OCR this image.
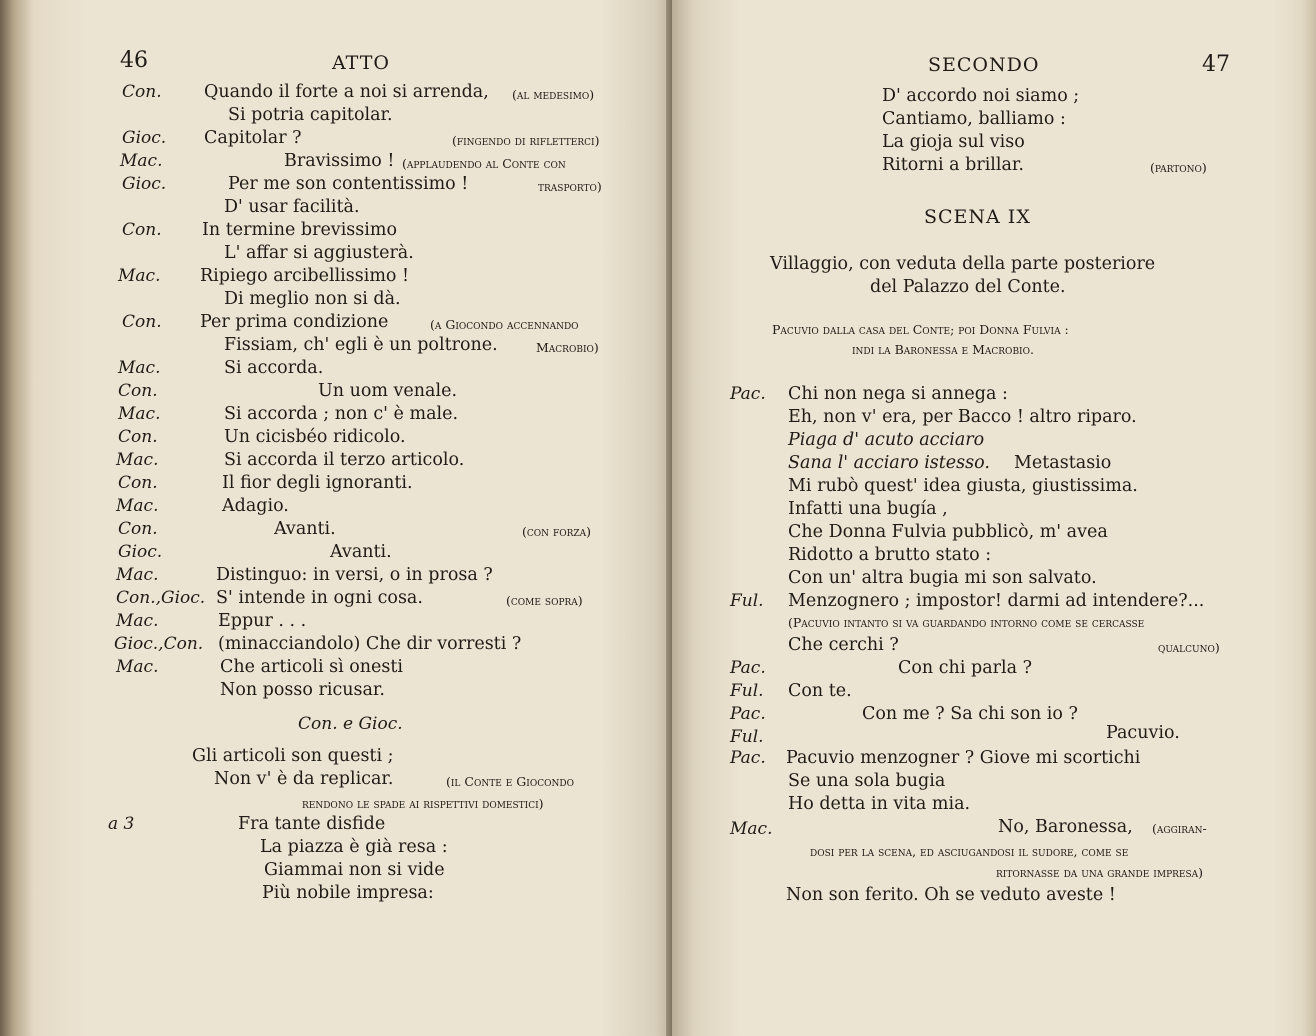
46	ATTO
Con. Quando il forte a noi si arrenda, (al medesimo)
Si potria capitolar.
Gioc. Capitolar ?	(fingendo di rifletterci)
Mac.	Bravissimo ! (applaudendo al Conte con
Gioc.	Per me son contentissimo !	trasporto)
D' usar facilità.
Con. In termine brevissimo
L' affar si aggiusterà.
Mac. Ripiego arcibellissimo !
Di meglio non si dà.
Con. Per prima condizione	(a Giocondo accennando
Fissiam, ch' egli è un poltrone.	Macrobio)
Mac.	Si accorda.
Con.	Un uom venale.
Mac.	Si accorda ; non c' è male.
Con.	Un cicisbéo ridicolo.
Mac.	Si accorda il terzo articolo.
Con.	Il fior degli ignoranti.
Mac.	Adagio.
Con.	Avanti.	(con forza)
Gioc.	Avanti.
Mac.	Distinguo: in versi, o in prosa ?
Con.,Gioc. S' intende in ogni cosa.	(come sopra)
Mac.	Eppur . . .
Gioc.,Con. (minacciandolo) Che dir vorresti ?
Mac.	Che articoli sì onesti
Non posso ricusar.
Con. e Gioc.
Gli articoli son questi ;
Non v' è da replicar.	(il Conte e Giocondo
rendono le spade ai rispettivi domestici)
a 3	Fra tante disfide
La piazza è già resa :
Giammai non si vide
Più nobile impresa:
SECONDO	47
D' accordo noi siamo ;
Cantiamo, balliamo :
La gioja sul viso
Ritorni a brillar.	(partono)
SCENA IX
Villaggio, con veduta della parte posteriore
del Palazzo del Conte.
Pacuvio dalla casa del Conte; poi Donna Fulvia :
indi la Baronessa e Macrobio.
Pac. Chi non nega si annega :
Eh, non v' era, per Bacco ! altro riparo.
Piaga d' acuto acciaro
Sana l' acciaro istesso. Metastasio
Mi rubò quest' idea giusta, giustissima.
Infatti una bugía ,
Che Donna Fulvia pubblicò, m' avea
Ridotto a brutto stato :
Con un' altra bugia mi son salvato.
Ful. Menzognero ; impostor! darmi ad intendere?...
(Pacuvio intanto si va guardando intorno come se cercasse
Che cerchi ?	qualcuno)
Pac.	Con chi parla ?
Ful. Con te.
Pac.	Con me ? Sa chi son io ?
Ful.	Pacuvio.
Pac. Pacuvio menzogner ? Giove mi scortichi
Se una sola bugia
Ho detta in vita mia.
Mac.	No, Baronessa, (aggiran-
dosi per la scena, ed asciugandosi il sudore, come se
ritornasse da una grande impresa)
Non son ferito. Oh se veduto aveste !
